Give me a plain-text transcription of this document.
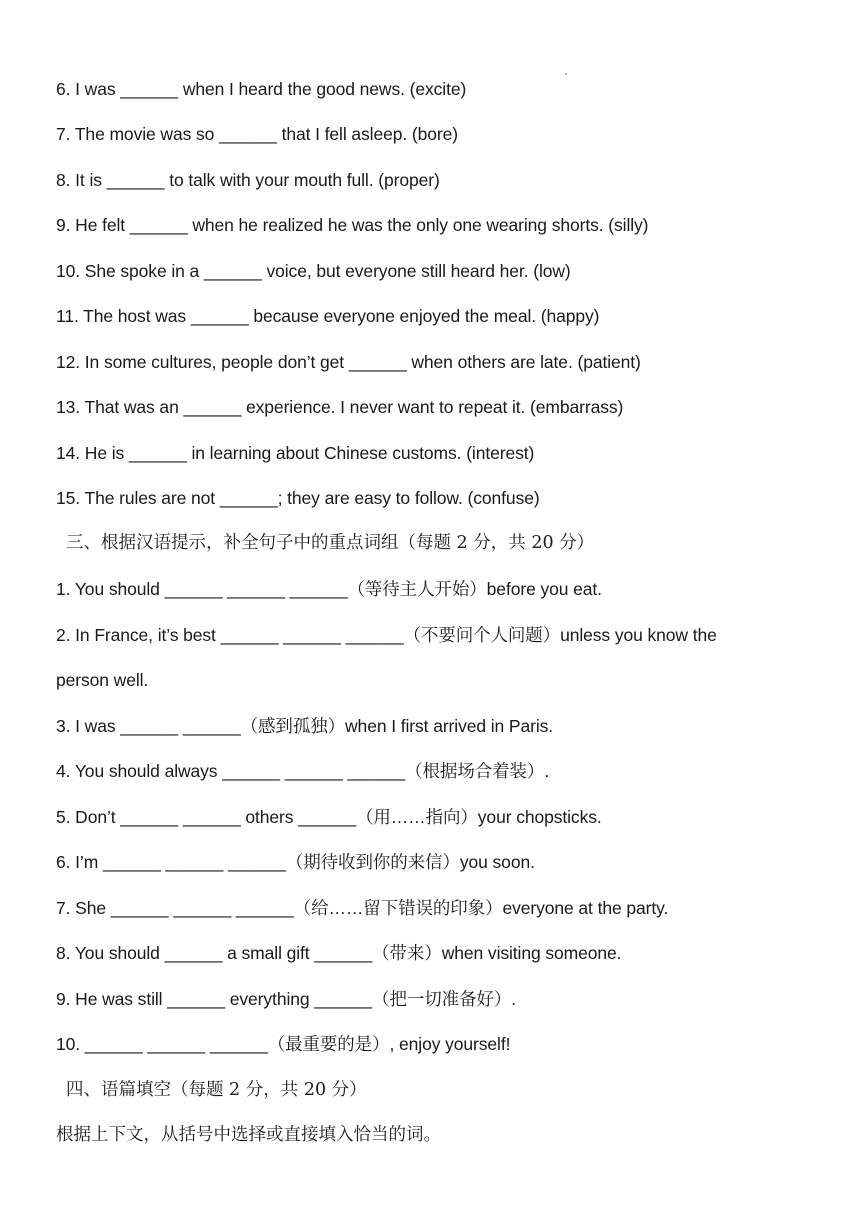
6. I was ______ when I heard the good news. (excite)
7. The movie was so ______ that I fell asleep. (bore)
8. It is ______ to talk with your mouth full. (proper)
9. He felt ______ when he realized he was the only one wearing shorts. (silly)
10. She spoke in a ______ voice, but everyone still heard her. (low)
11. The host was ______ because everyone enjoyed the meal. (happy)
12. In some cultures, people don’t get ______ when others are late. (patient)
13. That was an ______ experience. I never want to repeat it. (embarrass)
14. He is ______ in learning about Chinese customs. (interest)
15. The rules are not ______; they are easy to follow. (confuse)
三、根据汉语提示，补全句子中的重点词组（每题 2 分，共 20 分）
1. You should ______ ______ ______（等待主人开始）before you eat.
2. In France, it’s best ______ ______ ______（不要问个人问题）unless you know the
person well.
3. I was ______ ______（感到孤独）when I first arrived in Paris.
4. You should always ______ ______ ______（根据场合着装）.
5. Don’t ______ ______ others ______（用……指向）your chopsticks.
6. I’m ______ ______ ______（期待收到你的来信）you soon.
7. She ______ ______ ______（给……留下错误的印象）everyone at the party.
8. You should ______ a small gift ______（带来）when visiting someone.
9. He was still ______ everything ______（把一切准备好）.
10. ______ ______ ______（最重要的是）, enjoy yourself!
四、语篇填空（每题 2 分，共 20 分）
根据上下文，从括号中选择或直接填入恰当的词。
